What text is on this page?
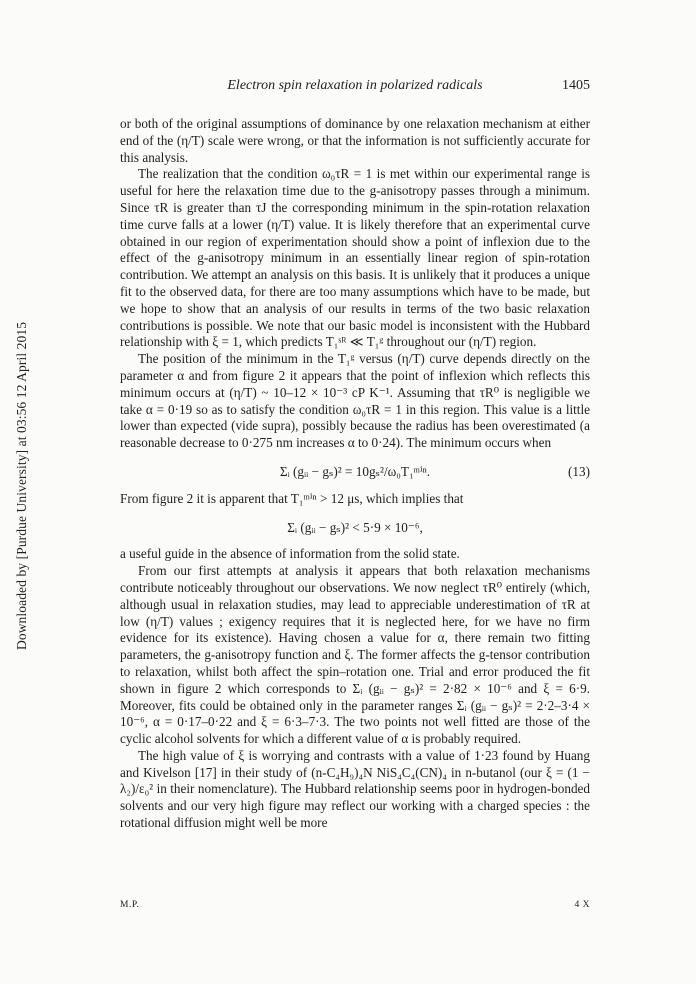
Downloaded by [Purdue University] at 03:56 12 April 2015
Electron spin relaxation in polarized radicals	1405

or both of the original assumptions of dominance by one relaxation mechanism at either end of the (η/T) scale were wrong, or that the information is not sufficiently accurate for this analysis.

The realization that the condition ω₀τR = 1 is met within our experimental range is useful for here the relaxation time due to the g-anisotropy passes through a minimum. Since τR is greater than τJ the corresponding minimum in the spin-rotation relaxation time curve falls at a lower (η/T) value. It is likely therefore that an experimental curve obtained in our region of experimentation should show a point of inflexion due to the effect of the g-anisotropy minimum in an essentially linear region of spin-rotation contribution. We attempt an analysis on this basis. It is unlikely that it produces a unique fit to the observed data, for there are too many assumptions which have to be made, but we hope to show that an analysis of our results in terms of the two basic relaxation contributions is possible. We note that our basic model is inconsistent with the Hubbard relationship with ξ = 1, which predicts T₁ˢᴿ ≪ T₁ᵍ throughout our (η/T) region.

The position of the minimum in the T₁ᵍ versus (η/T) curve depends directly on the parameter α and from figure 2 it appears that the point of inflexion which reflects this minimum occurs at (η/T) ~ 10–12 × 10⁻³ cP K⁻¹. Assuming that τR⁰ is negligible we take α = 0·19 so as to satisfy the condition ω₀τR = 1 in this region. This value is a little lower than expected (vide supra), possibly because the radius has been overestimated (a reasonable decrease to 0·275 nm increases α to 0·24). The minimum occurs when

Σᵢ (gᵢᵢ − gₛ)² = 10gₛ²/ω₀T₁ᵐⁱⁿ.	(13)

From figure 2 it is apparent that T₁ᵐⁱⁿ > 12 μs, which implies that

Σᵢ (gᵢᵢ − gₛ)² < 5·9 × 10⁻⁶,

a useful guide in the absence of information from the solid state.

From our first attempts at analysis it appears that both relaxation mechanisms contribute noticeably throughout our observations. We now neglect τR⁰ entirely (which, although usual in relaxation studies, may lead to appreciable underestimation of τR at low (η/T) values ; exigency requires that it is neglected here, for we have no firm evidence for its existence). Having chosen a value for α, there remain two fitting parameters, the g-anisotropy function and ξ. The former affects the g-tensor contribution to relaxation, whilst both affect the spin–rotation one. Trial and error produced the fit shown in figure 2 which corresponds to Σᵢ (gᵢᵢ − gₛ)² = 2·82 × 10⁻⁶ and ξ = 6·9. Moreover, fits could be obtained only in the parameter ranges Σᵢ (gᵢᵢ − gₛ)² = 2·2–3·4 × 10⁻⁶, α = 0·17–0·22 and ξ = 6·3–7·3. The two points not well fitted are those of the cyclic alcohol solvents for which a different value of α is probably required.

The high value of ξ is worrying and contrasts with a value of 1·23 found by Huang and Kivelson [17] in their study of (n-C₄H₉)₄N NiS₄C₄(CN)₄ in n-butanol (our ξ = (1 − λ₂)/ε₀² in their nomenclature). The Hubbard relationship seems poor in hydrogen-bonded solvents and our very high figure may reflect our working with a charged species : the rotational diffusion might well be more

M.P.	4 X
